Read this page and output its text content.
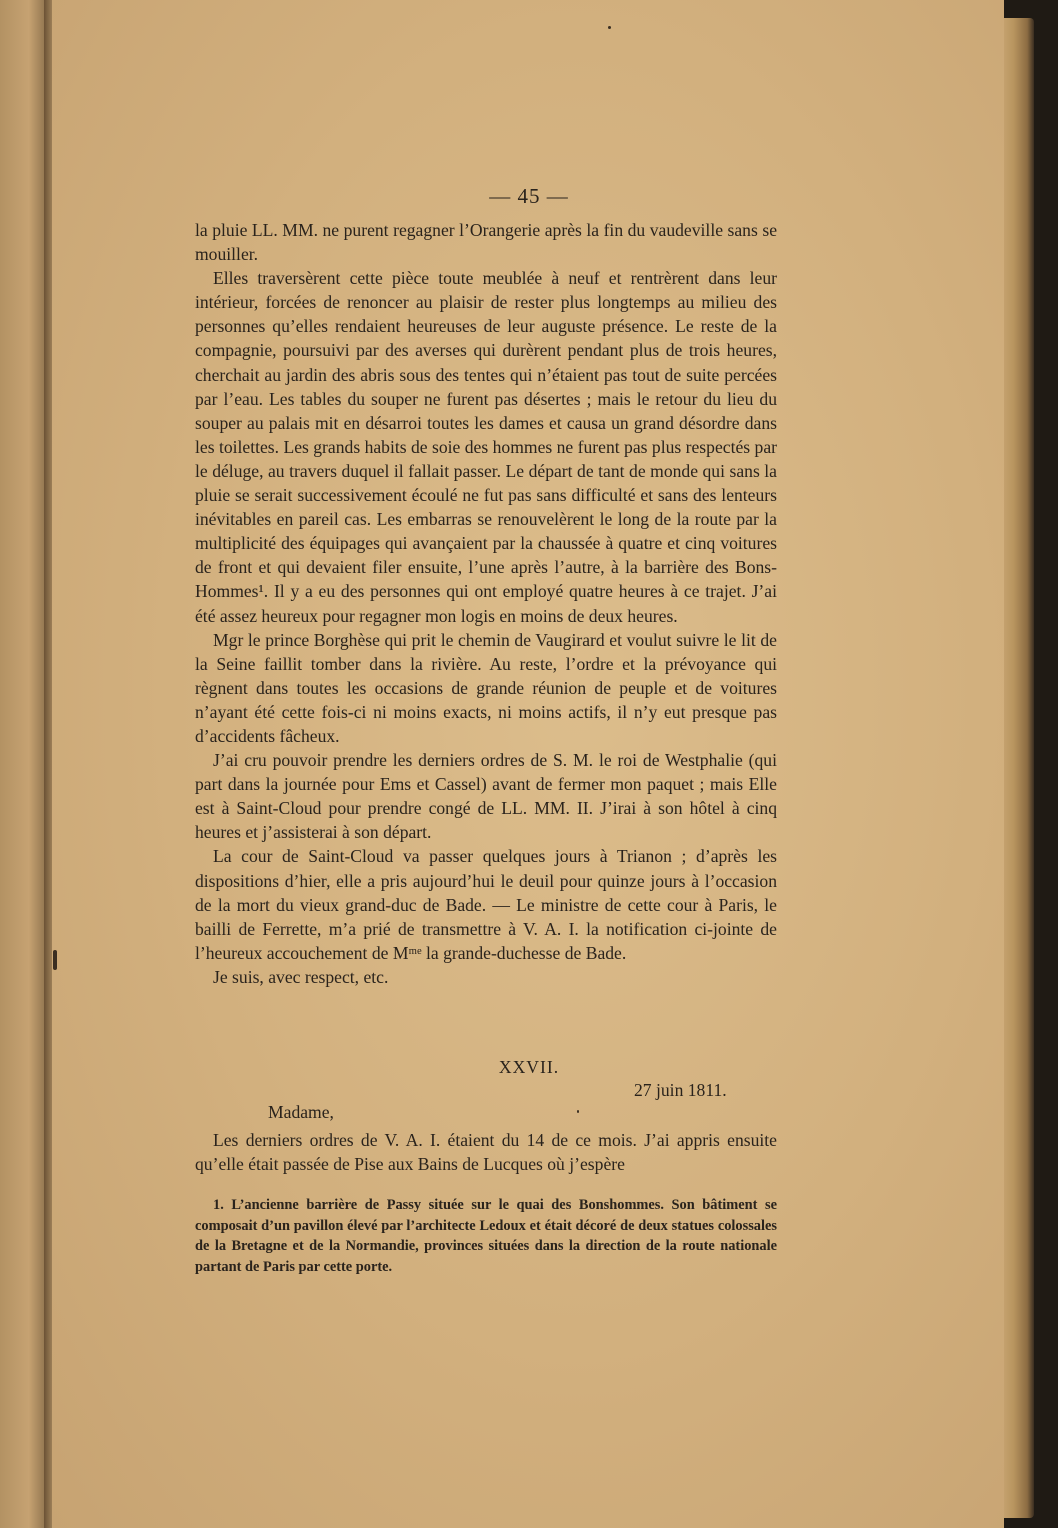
— 45 —

la pluie LL. MM. ne purent regagner l’Orangerie après la fin du vaudeville sans se mouiller.

Elles traversèrent cette pièce toute meublée à neuf et rentrèrent dans leur intérieur, forcées de renoncer au plaisir de rester plus longtemps au milieu des personnes qu’elles rendaient heureuses de leur auguste présence. Le reste de la compagnie, poursuivi par des averses qui durèrent pendant plus de trois heures, cherchait au jardin des abris sous des tentes qui n’étaient pas tout de suite percées par l’eau. Les tables du souper ne furent pas désertes ; mais le retour du lieu du souper au palais mit en désarroi toutes les dames et causa un grand désordre dans les toilettes. Les grands habits de soie des hommes ne furent pas plus respectés par le déluge, au travers duquel il fallait passer. Le départ de tant de monde qui sans la pluie se serait successivement écoulé ne fut pas sans difficulté et sans des lenteurs inévitables en pareil cas. Les embarras se renouvelèrent le long de la route par la multiplicité des équipages qui avançaient par la chaussée à quatre et cinq voitures de front et qui devaient filer ensuite, l’une après l’autre, à la barrière des Bons-Hommes¹. Il y a eu des personnes qui ont employé quatre heures à ce trajet. J’ai été assez heureux pour regagner mon logis en moins de deux heures.

Mgr le prince Borghèse qui prit le chemin de Vaugirard et voulut suivre le lit de la Seine faillit tomber dans la rivière. Au reste, l’ordre et la prévoyance qui règnent dans toutes les occasions de grande réunion de peuple et de voitures n’ayant été cette fois-ci ni moins exacts, ni moins actifs, il n’y eut presque pas d’accidents fâcheux.

J’ai cru pouvoir prendre les derniers ordres de S. M. le roi de Westphalie (qui part dans la journée pour Ems et Cassel) avant de fermer mon paquet ; mais Elle est à Saint-Cloud pour prendre congé de LL. MM. II. J’irai à son hôtel à cinq heures et j’assisterai à son départ.

La cour de Saint-Cloud va passer quelques jours à Trianon ; d’après les dispositions d’hier, elle a pris aujourd’hui le deuil pour quinze jours à l’occasion de la mort du vieux grand-duc de Bade. — Le ministre de cette cour à Paris, le bailli de Ferrette, m’a prié de transmettre à V. A. I. la notification ci-jointe de l’heureux accouchement de Mᵐᵉ la grande-duchesse de Bade.

Je suis, avec respect, etc.

XXVII.
27 juin 1811.
Madame,

Les derniers ordres de V. A. I. étaient du 14 de ce mois. J’ai appris ensuite qu’elle était passée de Pise aux Bains de Lucques où j’espère

1. L’ancienne barrière de Passy située sur le quai des Bonshommes. Son bâtiment se composait d’un pavillon élevé par l’architecte Ledoux et était décoré de deux statues colossales de la Bretagne et de la Normandie, provinces situées dans la direction de la route nationale partant de Paris par cette porte.
